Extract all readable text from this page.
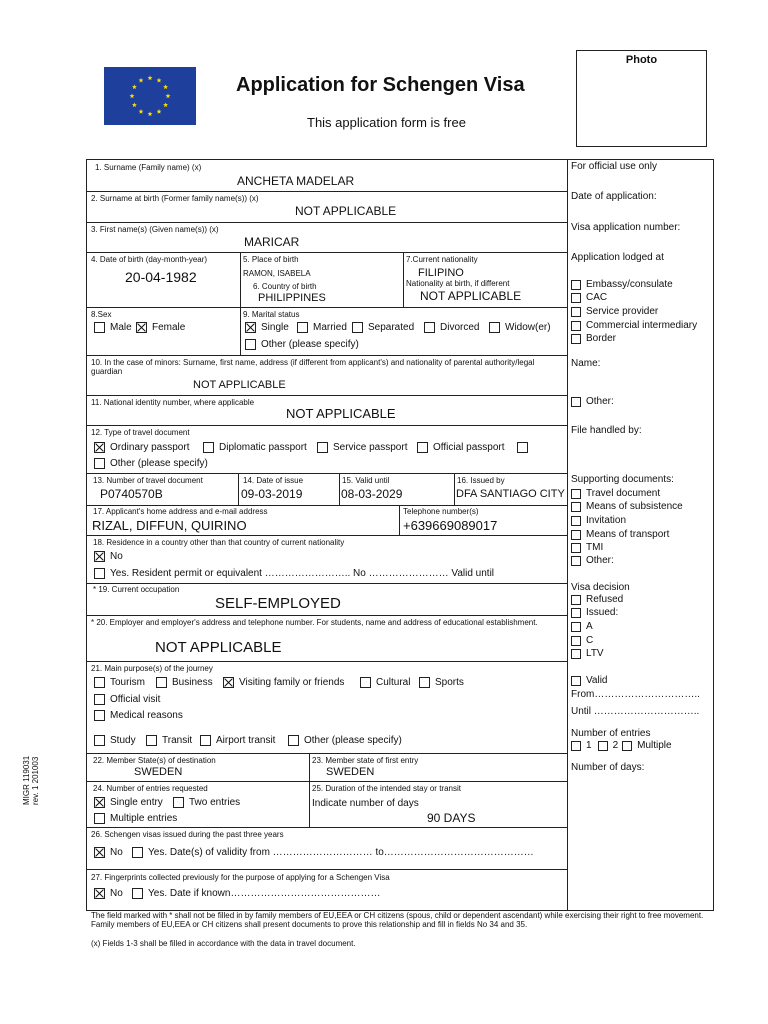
Application for Schengen Visa
This application form is free
Photo
1. Surname (Family name) (x)
ANCHETA MADELAR
2. Surname at birth (Former family name(s)) (x)
NOT APPLICABLE
3. First name(s) (Given name(s)) (x)
MARICAR
4. Date of birth (day-month-year)
20-04-1982
5. Place of birth
RAMON, ISABELA
6. Country of birth
PHILIPPINES
7.Current nationality
FILIPINO
Nationality at birth, if different
NOT APPLICABLE
8.Sex
Male Female
9. Marital status
Single Married Separated	Divorced	Widow(er)
Other (please specify)
10. In the case of minors: Surname, first name, address (if different from applicant's) and nationality of parental authority/legal guardian
NOT APPLICABLE
11. National identity number, where applicable
NOT APPLICABLE
12. Type of travel document
Ordinary passport	Diplomatic passport	Service passport	Official passport
Other (please specify)
13. Number of travel document
P0740570B
14. Date of issue
09-03-2019
15. Valid until
08-03-2029
16. Issued by
DFA SANTIAGO CITY
17. Applicant's home address and e-mail address
RIZAL, DIFFUN, QUIRINO
Telephone number(s)
+639669089017
18. Residence in a country other than that country of current nationality
No
Yes. Resident permit or equivalent …………………….. No …………………… Valid until
* 19. Current occupation
SELF-EMPLOYED
* 20. Employer and employer's address and telephone number. For students, name and address of educational establishment.
NOT APPLICABLE
21. Main purpose(s) of the journey
Tourism	Business	Visiting family or friends	Cultural Sports
Official visit
Medical reasons
Study	Transit Airport transit	Other (please specify)
22. Member State(s) of destination
SWEDEN
23. Member state of first entry
SWEDEN
24. Number of entries requested
Single entry	Two entries
Multiple entries
25. Duration of the intended stay or transit
Indicate number of days
90 DAYS
26. Schengen visas issued during the past three years
No	Yes. Date(s) of validity from ………………………… to………………………………………
27. Fingerprints collected previously for the purpose of applying for a Schengen Visa
No	Yes. Date if known………………………………………
For official use only
Date of application:
Visa application number:
Application lodged at
Embassy/consulate
CAC
Service provider
Commercial intermediary
Border
Name:
Other:
File handled by:
Supporting documents:
Travel document
Means of subsistence
Invitation
Means of transport
TMI
Other:
Visa decision
Refused
Issued:
A
C
LTV
Valid
From…………………………..
Until …………………………..
Number of entries
1 2 Multiple
Number of days:
The field marked with * shall not be filled in by family members of EU,EEA or CH citizens (spous, child or dependent ascendant) while exercising their right to free movement. Family members of EU,EEA or CH citizens shall present documents to prove this relationship and fill in fields No 34 and 35.
(x) Fields 1-3 shall be filled in accordance with the data in travel document.
MIGR 119031 rev. 1 201003
